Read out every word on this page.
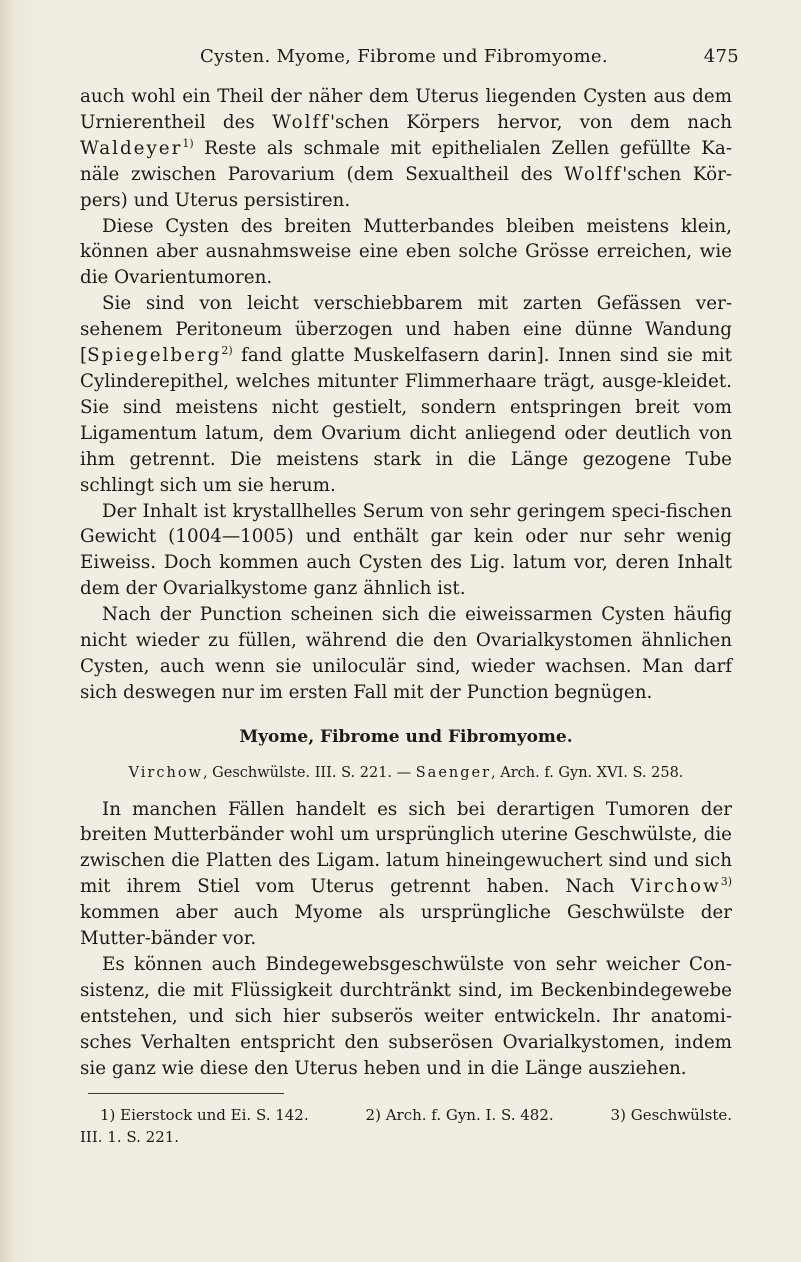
Cysten. Myome, Fibrome und Fibromyome.	475

auch wohl ein Theil der näher dem Uterus liegenden Cysten aus dem Urnierentheil des Wolff'schen Körpers hervor, von dem nach Waldeyer$^{1)}$ Reste als schmale mit epithelialen Zellen gefüllte Ka-näle zwischen Parovarium (dem Sexualtheil des Wolff'schen Kör-pers) und Uterus persistiren.

Diese Cysten des breiten Mutterbandes bleiben meistens klein, können aber ausnahmsweise eine eben solche Grösse erreichen, wie die Ovarientumoren.

Sie sind von leicht verschiebbarem mit zarten Gefässen ver-sehenem Peritoneum überzogen und haben eine dünne Wandung [Spiegelberg$^{2)}$ fand glatte Muskelfasern darin]. Innen sind sie mit Cylinderepithel, welches mitunter Flimmerhaare trägt, ausge-kleidet. Sie sind meistens nicht gestielt, sondern entspringen breit vom Ligamentum latum, dem Ovarium dicht anliegend oder deutlich von ihm getrennt. Die meistens stark in die Länge gezogene Tube schlingt sich um sie herum.

Der Inhalt ist krystallhelles Serum von sehr geringem speci-fischen Gewicht (1004—1005) und enthält gar kein oder nur sehr wenig Eiweiss. Doch kommen auch Cysten des Lig. latum vor, deren Inhalt dem der Ovarialkystome ganz ähnlich ist.

Nach der Punction scheinen sich die eiweissarmen Cysten häufig nicht wieder zu füllen, während die den Ovarialkystomen ähnlichen Cysten, auch wenn sie uniloculär sind, wieder wachsen. Man darf sich deswegen nur im ersten Fall mit der Punction begnügen.

Myome, Fibrome und Fibromyome.
Virchow, Geschwülste. III. S. 221. — Saenger, Arch. f. Gyn. XVI. S. 258.

In manchen Fällen handelt es sich bei derartigen Tumoren der breiten Mutterbänder wohl um ursprünglich uterine Geschwülste, die zwischen die Platten des Ligam. latum hineingewuchert sind und sich mit ihrem Stiel vom Uterus getrennt haben. Nach Virchow$^{3)}$ kommen aber auch Myome als ursprüngliche Geschwülste der Mutter-bänder vor.

Es können auch Bindegewebsgeschwülste von sehr weicher Con-sistenz, die mit Flüssigkeit durchtränkt sind, im Beckenbindegewebe entstehen, und sich hier subserös weiter entwickeln. Ihr anatomi-sches Verhalten entspricht den subserösen Ovarialkystomen, indem sie ganz wie diese den Uterus heben und in die Länge ausziehen.

1) Eierstock und Ei. S. 142.	2) Arch. f. Gyn. I. S. 482.	3) Geschwülste.
III. 1. S. 221.
